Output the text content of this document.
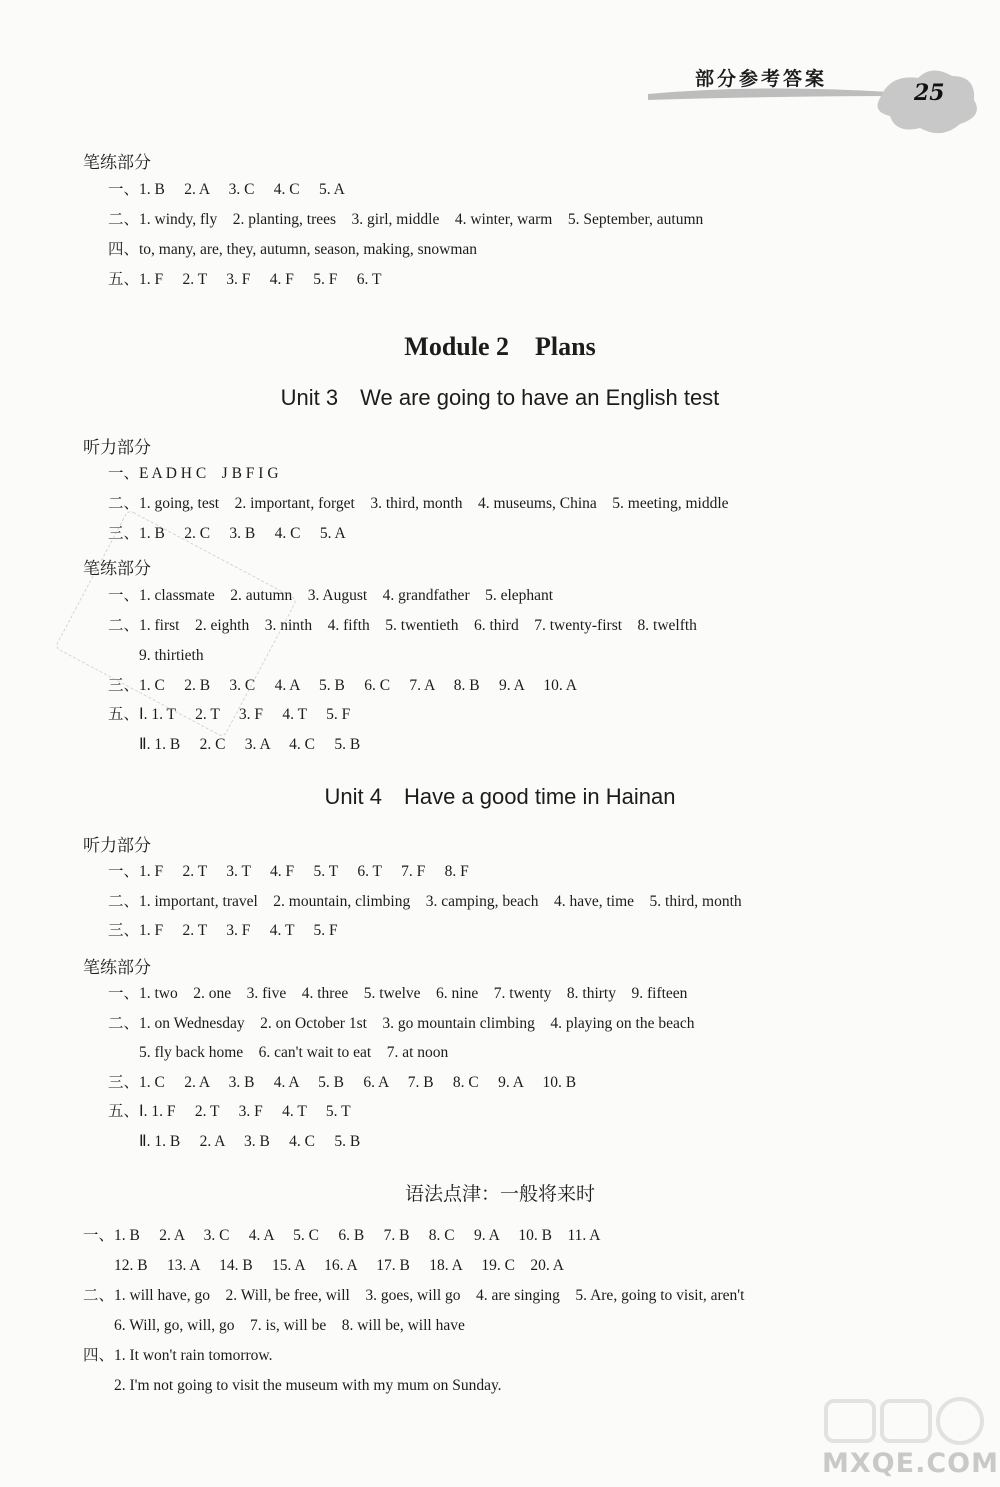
部分参考答案
25
笔练部分
一、1. B　 2. A　 3. C　 4. C　 5. A
二、1. windy, fly　2. planting, trees　3. girl, middle　4. winter, warm　5. September, autumn
四、to, many, are, they, autumn, season, making, snowman
五、1. F　 2. T　 3. F　 4. F　 5. F　 6. T
Module 2　Plans
Unit 3　We are going to have an English test
听力部分
一、E A D H C　J B F I G
二、1. going, test　2. important, forget　3. third, month　4. museums, China　5. meeting, middle
三、1. B　 2. C　 3. B　 4. C　 5. A
笔练部分
一、1. classmate　2. autumn　3. August　4. grandfather　5. elephant
二、1. first　2. eighth　3. ninth　4. fifth　5. twentieth　6. third　7. twenty-first　8. twelfth
　　9. thirtieth
三、1. C　 2. B　 3. C　 4. A　 5. B　 6. C　 7. A　 8. B　 9. A　 10. A
五、Ⅰ. 1. T　 2. T　 3. F　 4. T　 5. F
　　Ⅱ. 1. B　 2. C　 3. A　 4. C　 5. B
Unit 4　Have a good time in Hainan
听力部分
一、1. F　 2. T　 3. T　 4. F　 5. T　 6. T　 7. F　 8. F
二、1. important, travel　2. mountain, climbing　3. camping, beach　4. have, time　5. third, month
三、1. F　 2. T　 3. F　 4. T　 5. F
笔练部分
一、1. two　2. one　3. five　4. three　5. twelve　6. nine　7. twenty　8. thirty　9. fifteen
二、1. on Wednesday　2. on October 1st　3. go mountain climbing　4. playing on the beach
　　5. fly back home　6. can't wait to eat　7. at noon
三、1. C　 2. A　 3. B　 4. A　 5. B　 6. A　 7. B　 8. C　 9. A　 10. B
五、Ⅰ. 1. F　 2. T　 3. F　 4. T　 5. T
　　Ⅱ. 1. B　 2. A　 3. B　 4. C　 5. B
语法点津：一般将来时
一、1. B　 2. A　 3. C　 4. A　 5. C　 6. B　 7. B　 8. C　 9. A　 10. B　11. A
　　12. B　 13. A　 14. B　 15. A　 16. A　 17. B　 18. A　 19. C　20. A
二、1. will have, go　2. Will, be free, will　3. goes, will go　4. are singing　5. Are, going to visit, aren't
　　6. Will, go, will, go　7. is, will be　8. will be, will have
四、1. It won't rain tomorrow.
　　2. I'm not going to visit the museum with my mum on Sunday.
MXQE.COM
